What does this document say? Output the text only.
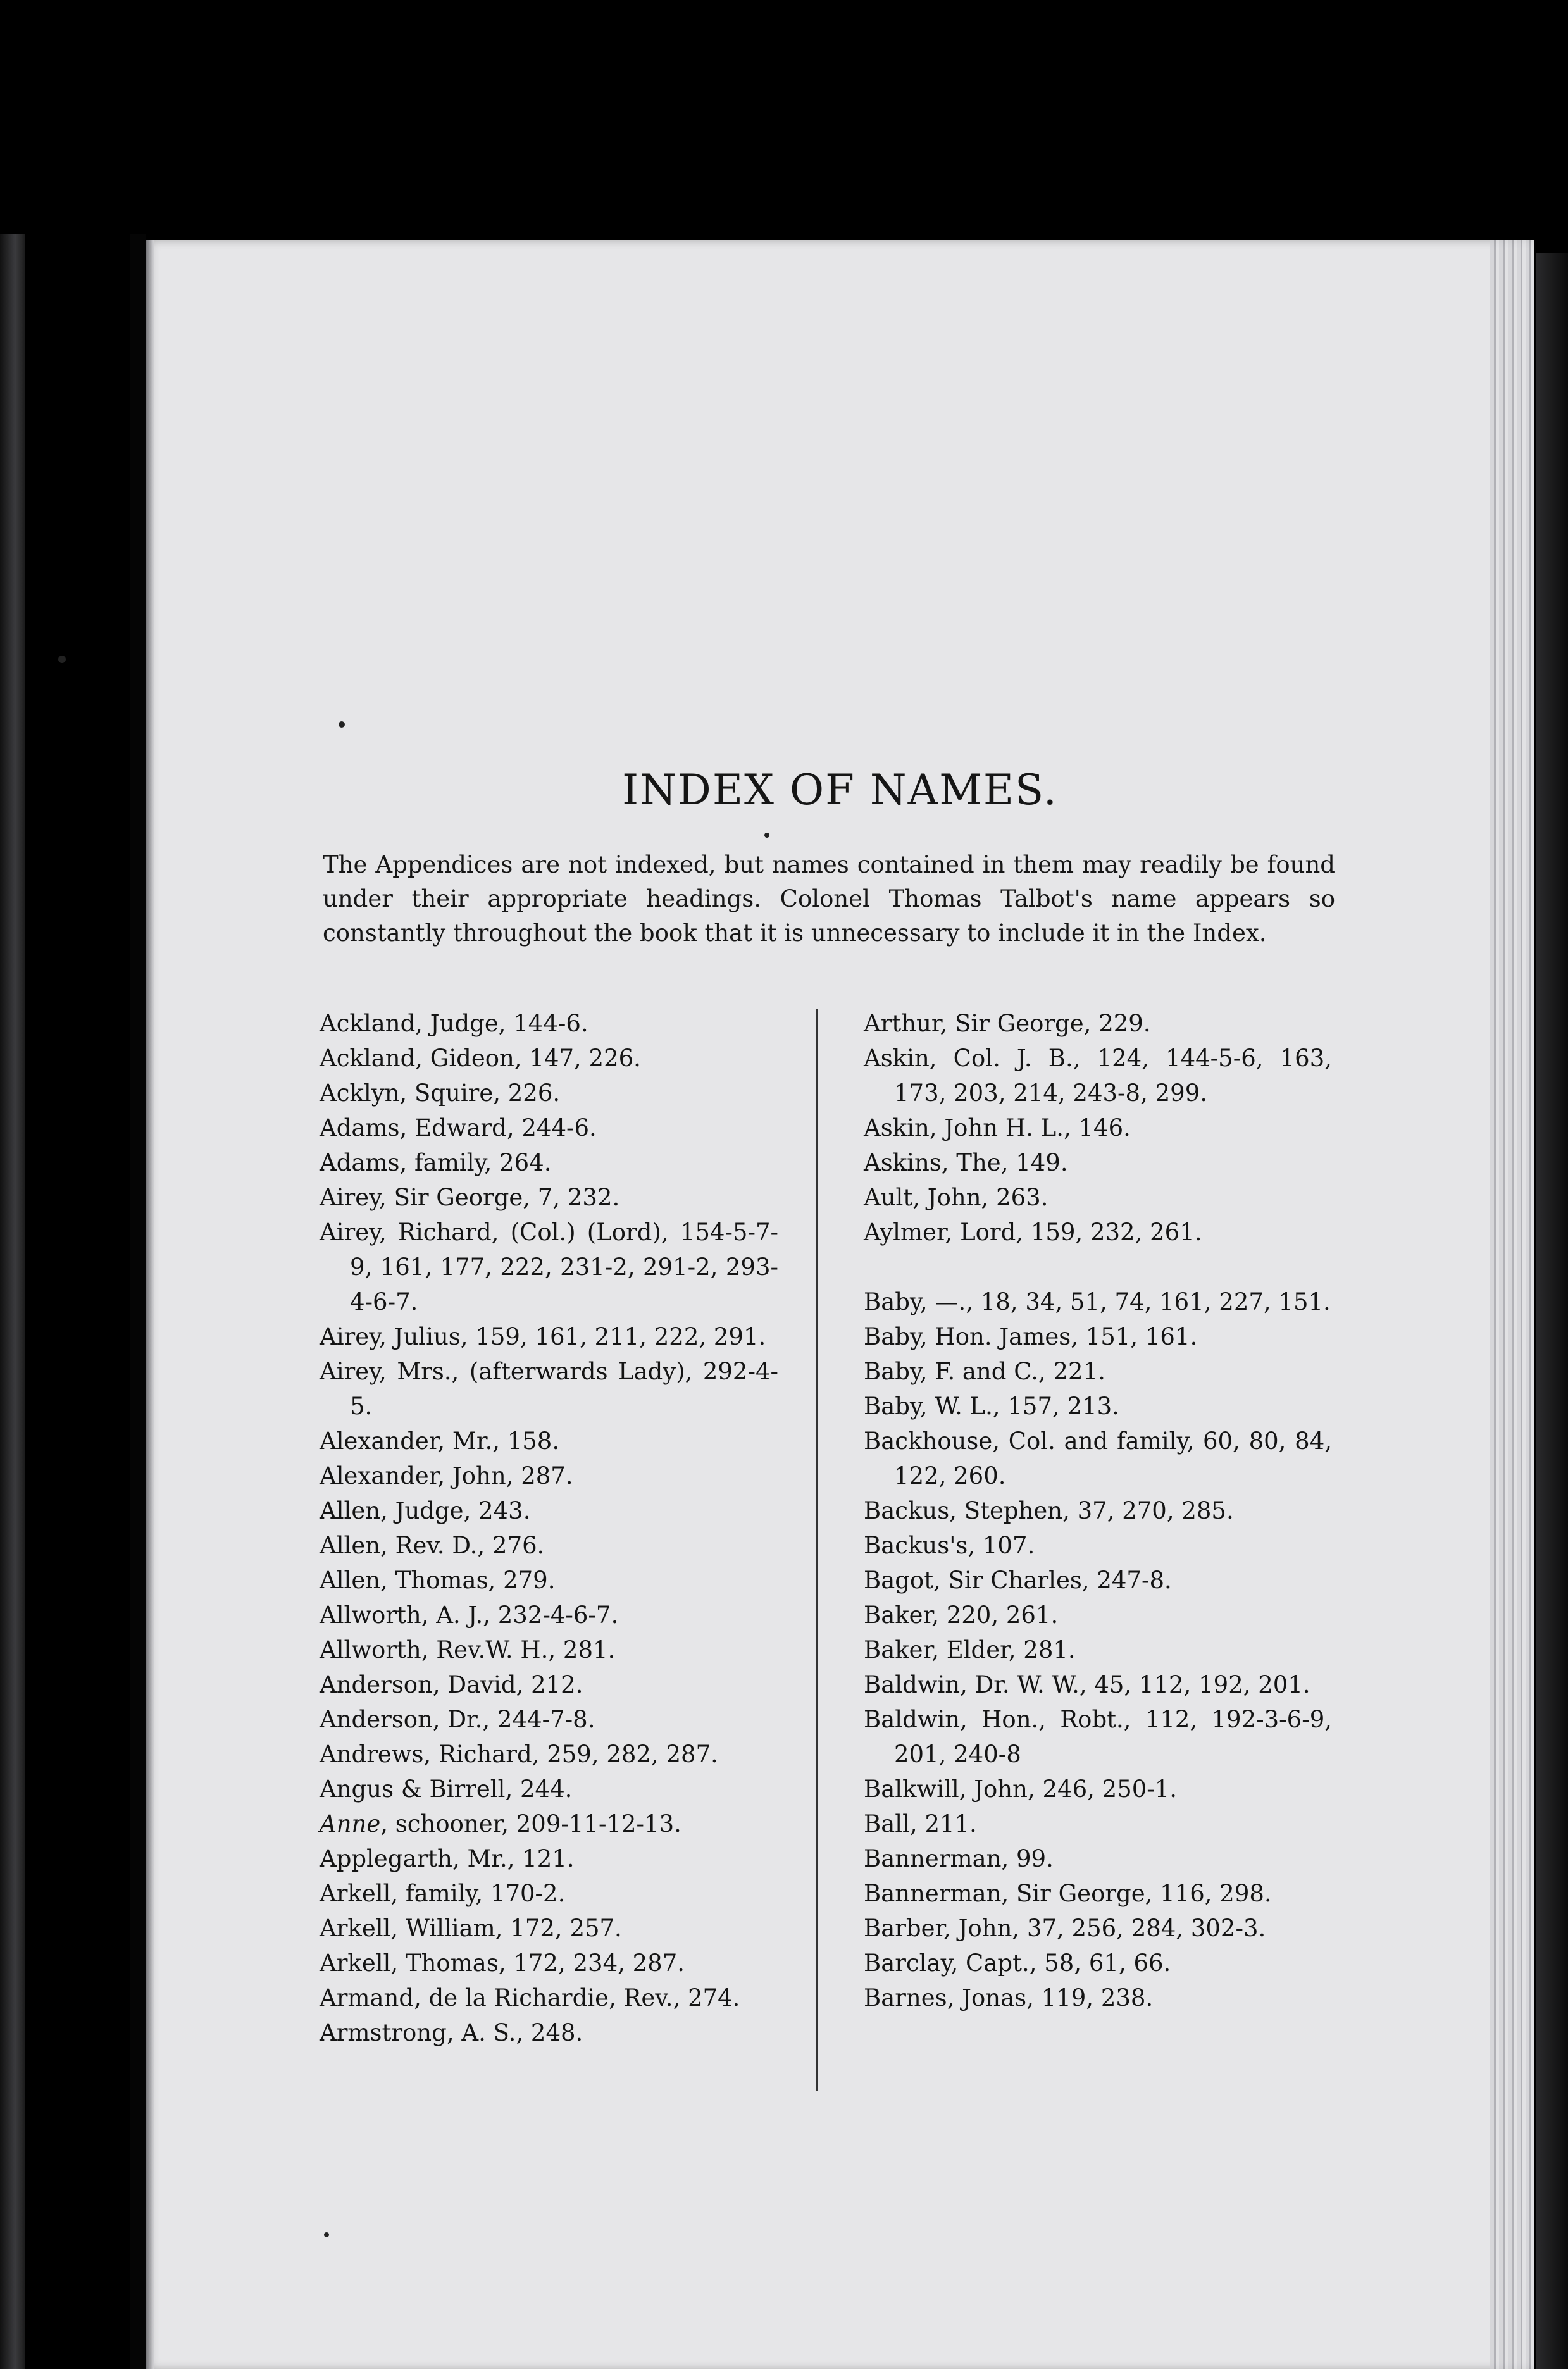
INDEX OF NAMES.
The Appendices are not indexed, but names contained in them may readily be found under their appropriate headings. Colonel Thomas Talbot's name appears so constantly throughout the book that it is unnecessary to include it in the Index.
Ackland, Judge, 144-6.
Ackland, Gideon, 147, 226.
Acklyn, Squire, 226.
Adams, Edward, 244-6.
Adams, family, 264.
Airey, Sir George, 7, 232.
Airey, Richard, (Col.) (Lord), 154-5-7-9, 161, 177, 222, 231-2, 291-2, 293-4-6-7.
Airey, Julius, 159, 161, 211, 222, 291.
Airey, Mrs., (afterwards Lady), 292-4-5.
Alexander, Mr., 158.
Alexander, John, 287.
Allen, Judge, 243.
Allen, Rev. D., 276.
Allen, Thomas, 279.
Allworth, A. J., 232-4-6-7.
Allworth, Rev.W. H., 281.
Anderson, David, 212.
Anderson, Dr., 244-7-8.
Andrews, Richard, 259, 282, 287.
Angus & Birrell, 244.
Anne, schooner, 209-11-12-13.
Applegarth, Mr., 121.
Arkell, family, 170-2.
Arkell, William, 172, 257.
Arkell, Thomas, 172, 234, 287.
Armand, de la Richardie, Rev., 274.
Armstrong, A. S., 248.
Arthur, Sir George, 229.
Askin, Col. J. B., 124, 144-5-6, 163, 173, 203, 214, 243-8, 299.
Askin, John H. L., 146.
Askins, The, 149.
Ault, John, 263.
Aylmer, Lord, 159, 232, 261.
Baby, —., 18, 34, 51, 74, 161, 227, 151.
Baby, Hon. James, 151, 161.
Baby, F. and C., 221.
Baby, W. L., 157, 213.
Backhouse, Col. and family, 60, 80, 84, 122, 260.
Backus, Stephen, 37, 270, 285.
Backus's, 107.
Bagot, Sir Charles, 247-8.
Baker, 220, 261.
Baker, Elder, 281.
Baldwin, Dr. W. W., 45, 112, 192, 201.
Baldwin, Hon., Robt., 112, 192-3-6-9, 201, 240-8
Balkwill, John, 246, 250-1.
Ball, 211.
Bannerman, 99.
Bannerman, Sir George, 116, 298.
Barber, John, 37, 256, 284, 302-3.
Barclay, Capt., 58, 61, 66.
Barnes, Jonas, 119, 238.
